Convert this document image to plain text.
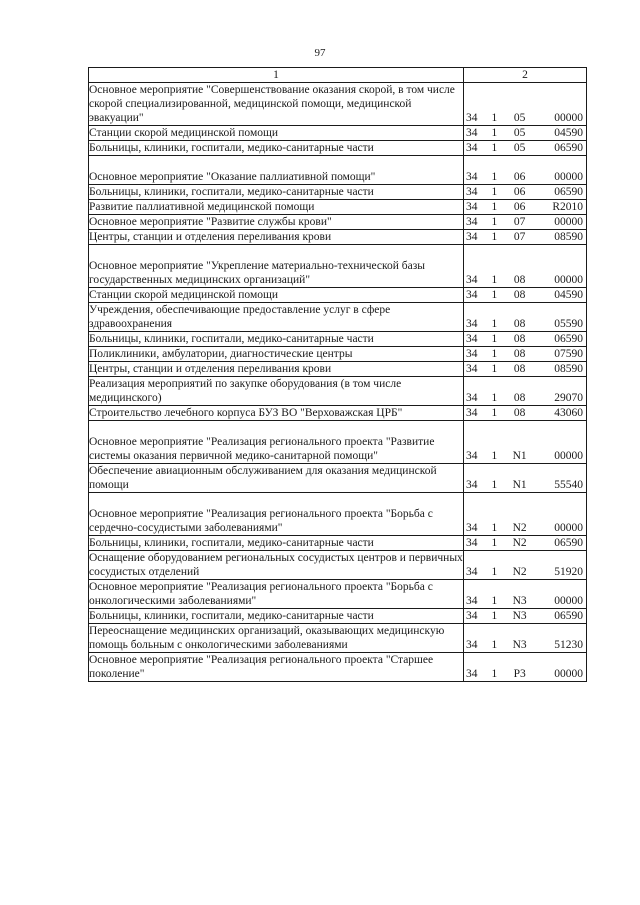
97
1	2
Основное мероприятие "Совершенствование оказания скорой, в том числе скорой специализированной, медицинской помощи, медицинской эвакуации"	34 1 05 00000

Станции скорой медицинской помощи	34 1 05 04590

Больницы, клиники, госпитали, медико-санитарные части	34 1 05 06590

Основное мероприятие "Оказание паллиативной помощи"	34 1 06 00000

Больницы, клиники, госпитали, медико-санитарные части	34 1 06 06590

Развитие паллиативной медицинской помощи	34 1 06 R2010

Основное мероприятие "Развитие службы крови"	34 1 07 00000

Центры, станции и отделения переливания крови	34 1 07 08590

Основное мероприятие "Укрепление материально-технической базы государственных медицинских организаций"	34 1 08 00000

Станции скорой медицинской помощи	34 1 08 04590

Учреждения, обеспечивающие предоставление услуг в сфере здравоохранения	34 1 08 05590

Больницы, клиники, госпитали, медико-санитарные части	34 1 08 06590

Поликлиники, амбулатории, диагностические центры	34 1 08 07590

Центры, станции и отделения переливания крови	34 1 08 08590

Реализация мероприятий по закупке оборудования (в том числе медицинского)	34 1 08 29070

Строительство лечебного корпуса БУЗ ВО "Верховажская ЦРБ"	34 1 08 43060

Основное мероприятие "Реализация регионального проекта "Развитие системы оказания первичной медико-санитарной помощи"	34 1 N1 00000

Обеспечение авиационным обслуживанием для оказания медицинской помощи	34 1 N1 55540

Основное мероприятие "Реализация регионального проекта "Борьба с сердечно-сосудистыми заболеваниями"	34 1 N2 00000

Больницы, клиники, госпитали, медико-санитарные части	34 1 N2 06590

Оснащение оборудованием региональных сосудистых центров и первичных сосудистых отделений	34 1 N2 51920

Основное мероприятие "Реализация регионального проекта "Борьба с онкологическими заболеваниями"	34 1 N3 00000

Больницы, клиники, госпитали, медико-санитарные части	34 1 N3 06590

Переоснащение медицинских организаций, оказывающих медицинскую помощь больным с онкологическими заболеваниями	34 1 N3 51230

Основное мероприятие "Реализация регионального проекта "Старшее поколение"	34 1 P3 00000
